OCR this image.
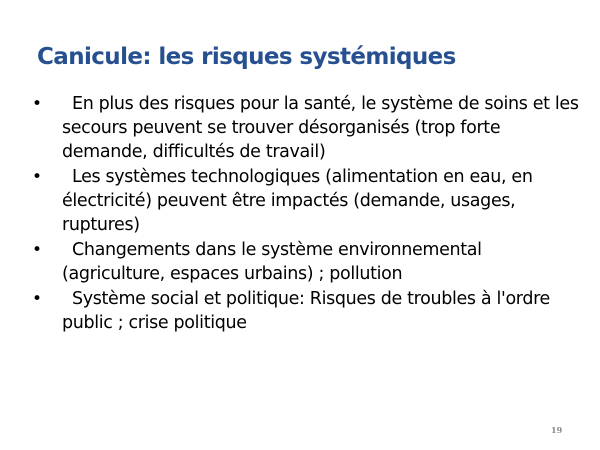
Canicule: les risques systémiques
•	En plus des risques pour la santé, le système de soins et les secours peuvent se trouver désorganisés (trop forte demande, difficultés de travail)
•	Les systèmes technologiques (alimentation en eau, en électricité) peuvent être impactés (demande, usages, ruptures)
•	Changements dans le système environnemental (agriculture, espaces urbains) ; pollution
•	Système social et politique: Risques de troubles à l'ordre public ; crise politique
19
